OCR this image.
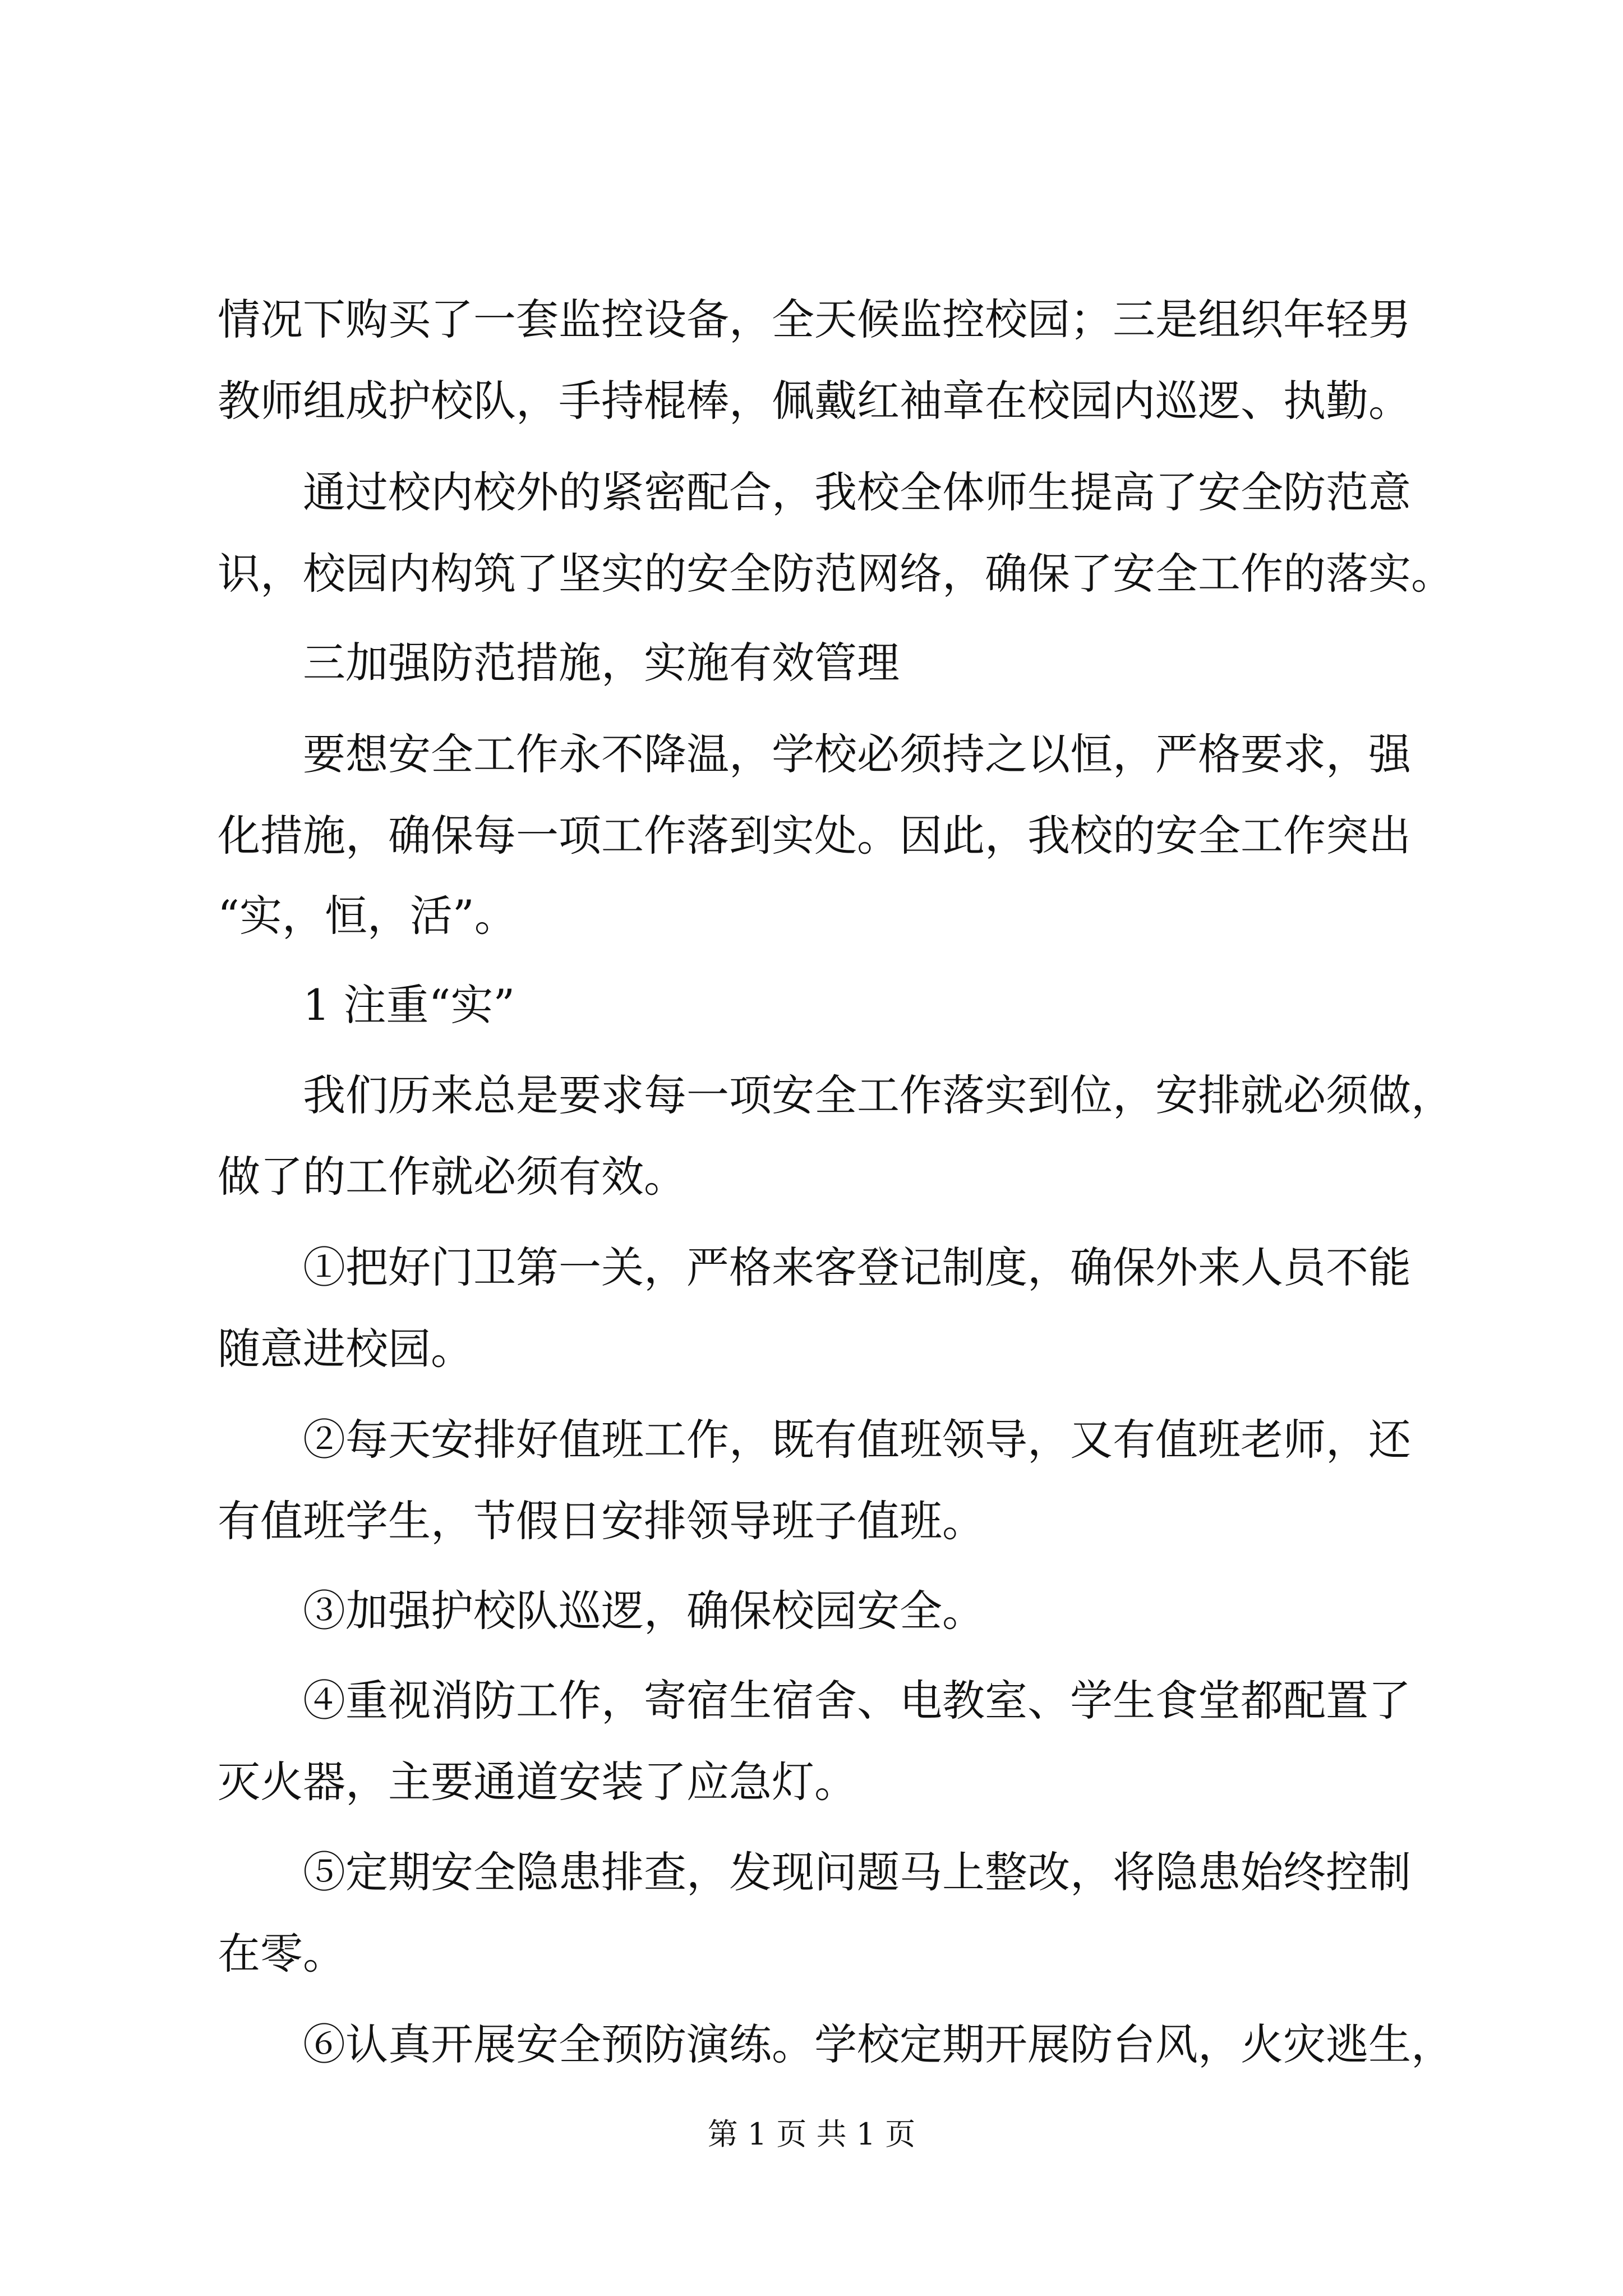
情况下购买了一套监控设备，全天候监控校园；三是组织年轻男
教师组成护校队，手持棍棒，佩戴红袖章在校园内巡逻、执勤。
　　通过校内校外的紧密配合，我校全体师生提高了安全防范意
识，校园内构筑了坚实的安全防范网络，确保了安全工作的落实。
　　三加强防范措施，实施有效管理
　　要想安全工作永不降温，学校必须持之以恒，严格要求，强
化措施，确保每一项工作落到实处。因此，我校的安全工作突出
“实，恒，活”。
　　1 注重“实”
　　我们历来总是要求每一项安全工作落实到位，安排就必须做，
做了的工作就必须有效。
　　①把好门卫第一关，严格来客登记制度，确保外来人员不能
随意进校园。
　　②每天安排好值班工作，既有值班领导，又有值班老师，还
有值班学生，节假日安排领导班子值班。
　　③加强护校队巡逻，确保校园安全。
　　④重视消防工作，寄宿生宿舍、电教室、学生食堂都配置了
灭火器，主要通道安装了应急灯。
　　⑤定期安全隐患排查，发现问题马上整改，将隐患始终控制
在零。
　　⑥认真开展安全预防演练。学校定期开展防台风，火灾逃生，
第 1 页 共 1 页
